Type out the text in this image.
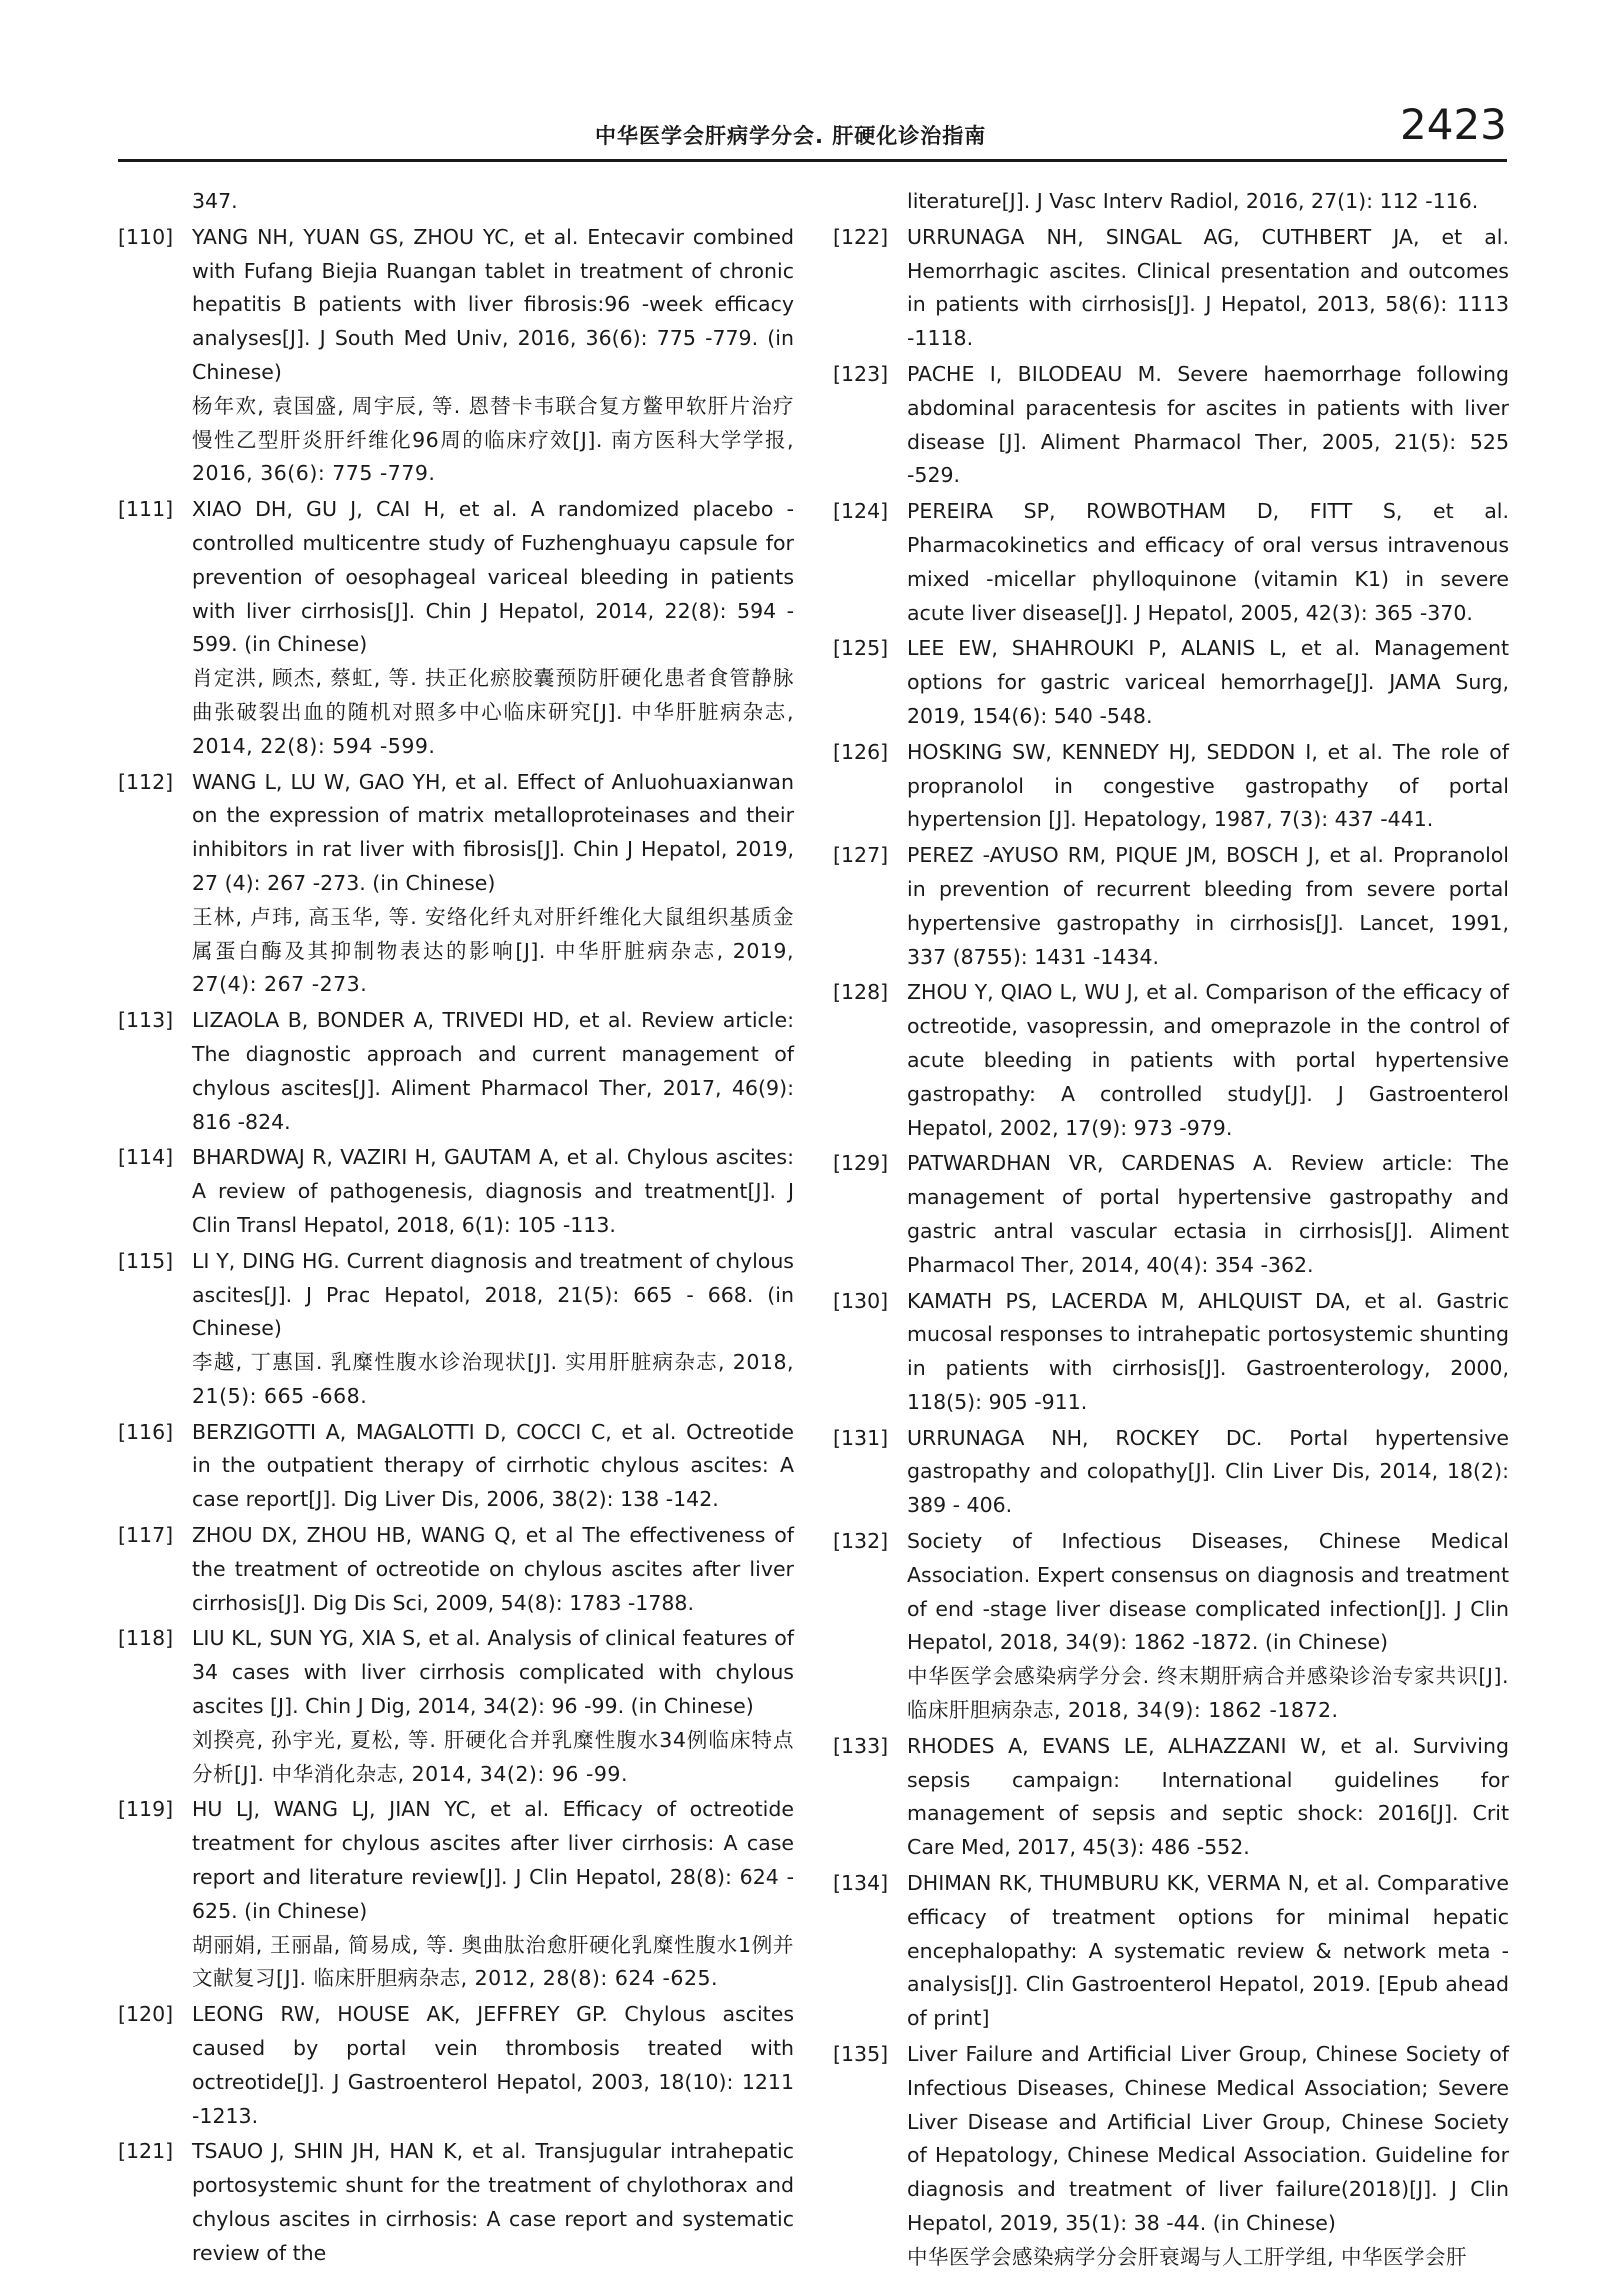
中华医学会肝病学分会. 肝硬化诊治指南	2423
347.
[110] YANG NH, YUAN GS, ZHOU YC, et al. Entecavir combined with Fufang Biejia Ruangan tablet in treatment of chronic hepatitis B patients with liver fibrosis:96 -week efficacy analyses[J]. J South Med Univ, 2016, 36(6): 775 -779. (in Chinese)
杨年欢, 袁国盛, 周宇辰, 等. 恩替卡韦联合复方鳖甲软肝片治疗慢性乙型肝炎肝纤维化96周的临床疗效[J]. 南方医科大学学报, 2016, 36(6): 775 -779.
[111] XIAO DH, GU J, CAI H, et al. A randomized placebo -controlled multicentre study of Fuzhenghuayu capsule for prevention of oesophageal variceal bleeding in patients with liver cirrhosis[J]. Chin J Hepatol, 2014, 22(8): 594 - 599. (in Chinese)
肖定洪, 顾杰, 蔡虹, 等. 扶正化瘀胶囊预防肝硬化患者食管静脉曲张破裂出血的随机对照多中心临床研究[J]. 中华肝脏病杂志, 2014, 22(8): 594 -599.
[112] WANG L, LU W, GAO YH, et al. Effect of Anluohuaxianwan on the expression of matrix metalloproteinases and their inhibitors in rat liver with fibrosis[J]. Chin J Hepatol, 2019, 27 (4): 267 -273. (in Chinese)
王林, 卢玮, 高玉华, 等. 安络化纤丸对肝纤维化大鼠组织基质金属蛋白酶及其抑制物表达的影响[J]. 中华肝脏病杂志, 2019, 27(4): 267 -273.
[113] LIZAOLA B, BONDER A, TRIVEDI HD, et al. Review article: The diagnostic approach and current management of chylous ascites[J]. Aliment Pharmacol Ther, 2017, 46(9): 816 -824.
[114] BHARDWAJ R, VAZIRI H, GAUTAM A, et al. Chylous ascites: A review of pathogenesis, diagnosis and treatment[J]. J Clin Transl Hepatol, 2018, 6(1): 105 -113.
[115] LI Y, DING HG. Current diagnosis and treatment of chylous ascites[J]. J Prac Hepatol, 2018, 21(5): 665 - 668. (in Chinese)
李越, 丁惠国. 乳糜性腹水诊治现状[J]. 实用肝脏病杂志, 2018, 21(5): 665 -668.
[116] BERZIGOTTI A, MAGALOTTI D, COCCI C, et al. Octreotide in the outpatient therapy of cirrhotic chylous ascites: A case report[J]. Dig Liver Dis, 2006, 38(2): 138 -142.
[117] ZHOU DX, ZHOU HB, WANG Q, et al The effectiveness of the treatment of octreotide on chylous ascites after liver cirrhosis[J]. Dig Dis Sci, 2009, 54(8): 1783 -1788.
[118] LIU KL, SUN YG, XIA S, et al. Analysis of clinical features of 34 cases with liver cirrhosis complicated with chylous ascites [J]. Chin J Dig, 2014, 34(2): 96 -99. (in Chinese)
刘揆亮, 孙宇光, 夏松, 等. 肝硬化合并乳糜性腹水34例临床特点分析[J]. 中华消化杂志, 2014, 34(2): 96 -99.
[119] HU LJ, WANG LJ, JIAN YC, et al. Efficacy of octreotide treatment for chylous ascites after liver cirrhosis: A case report and literature review[J]. J Clin Hepatol, 28(8): 624 - 625. (in Chinese)
胡丽娟, 王丽晶, 简易成, 等. 奥曲肽治愈肝硬化乳糜性腹水1例并文献复习[J]. 临床肝胆病杂志, 2012, 28(8): 624 -625.
[120] LEONG RW, HOUSE AK, JEFFREY GP. Chylous ascites caused by portal vein thrombosis treated with octreotide[J]. J Gastroenterol Hepatol, 2003, 18(10): 1211 -1213.
[121] TSAUO J, SHIN JH, HAN K, et al. Transjugular intrahepatic portosystemic shunt for the treatment of chylothorax and chylous ascites in cirrhosis: A case report and systematic review of the
literature[J]. J Vasc Interv Radiol, 2016, 27(1): 112 -116.
[122] URRUNAGA NH, SINGAL AG, CUTHBERT JA, et al. Hemorrhagic ascites. Clinical presentation and outcomes in patients with cirrhosis[J]. J Hepatol, 2013, 58(6): 1113 -1118.
[123] PACHE I, BILODEAU M. Severe haemorrhage following abdominal paracentesis for ascites in patients with liver disease [J]. Aliment Pharmacol Ther, 2005, 21(5): 525 -529.
[124] PEREIRA SP, ROWBOTHAM D, FITT S, et al. Pharmacokinetics and efficacy of oral versus intravenous mixed -micellar phylloquinone (vitamin K1) in severe acute liver disease[J]. J Hepatol, 2005, 42(3): 365 -370.
[125] LEE EW, SHAHROUKI P, ALANIS L, et al. Management options for gastric variceal hemorrhage[J]. JAMA Surg, 2019, 154(6): 540 -548.
[126] HOSKING SW, KENNEDY HJ, SEDDON I, et al. The role of propranolol in congestive gastropathy of portal hypertension [J]. Hepatology, 1987, 7(3): 437 -441.
[127] PEREZ -AYUSO RM, PIQUE JM, BOSCH J, et al. Propranolol in prevention of recurrent bleeding from severe portal hypertensive gastropathy in cirrhosis[J]. Lancet, 1991, 337 (8755): 1431 -1434.
[128] ZHOU Y, QIAO L, WU J, et al. Comparison of the efficacy of octreotide, vasopressin, and omeprazole in the control of acute bleeding in patients with portal hypertensive gastropathy: A controlled study[J]. J Gastroenterol Hepatol, 2002, 17(9): 973 -979.
[129] PATWARDHAN VR, CARDENAS A. Review article: The management of portal hypertensive gastropathy and gastric antral vascular ectasia in cirrhosis[J]. Aliment Pharmacol Ther, 2014, 40(4): 354 -362.
[130] KAMATH PS, LACERDA M, AHLQUIST DA, et al. Gastric mucosal responses to intrahepatic portosystemic shunting in patients with cirrhosis[J]. Gastroenterology, 2000, 118(5): 905 -911.
[131] URRUNAGA NH, ROCKEY DC. Portal hypertensive gastropathy and colopathy[J]. Clin Liver Dis, 2014, 18(2): 389 - 406.
[132] Society of Infectious Diseases, Chinese Medical Association. Expert consensus on diagnosis and treatment of end -stage liver disease complicated infection[J]. J Clin Hepatol, 2018, 34(9): 1862 -1872. (in Chinese)
中华医学会感染病学分会. 终末期肝病合并感染诊治专家共识[J]. 临床肝胆病杂志, 2018, 34(9): 1862 -1872.
[133] RHODES A, EVANS LE, ALHAZZANI W, et al. Surviving sepsis campaign: International guidelines for management of sepsis and septic shock: 2016[J]. Crit Care Med, 2017, 45(3): 486 -552.
[134] DHIMAN RK, THUMBURU KK, VERMA N, et al. Comparative efficacy of treatment options for minimal hepatic encephalopathy: A systematic review & network meta -analysis[J]. Clin Gastroenterol Hepatol, 2019. [Epub ahead of print]
[135] Liver Failure and Artificial Liver Group, Chinese Society of Infectious Diseases, Chinese Medical Association; Severe Liver Disease and Artificial Liver Group, Chinese Society of Hepatology, Chinese Medical Association. Guideline for diagnosis and treatment of liver failure(2018)[J]. J Clin Hepatol, 2019, 35(1): 38 -44. (in Chinese)
中华医学会感染病学分会肝衰竭与人工肝学组, 中华医学会肝
